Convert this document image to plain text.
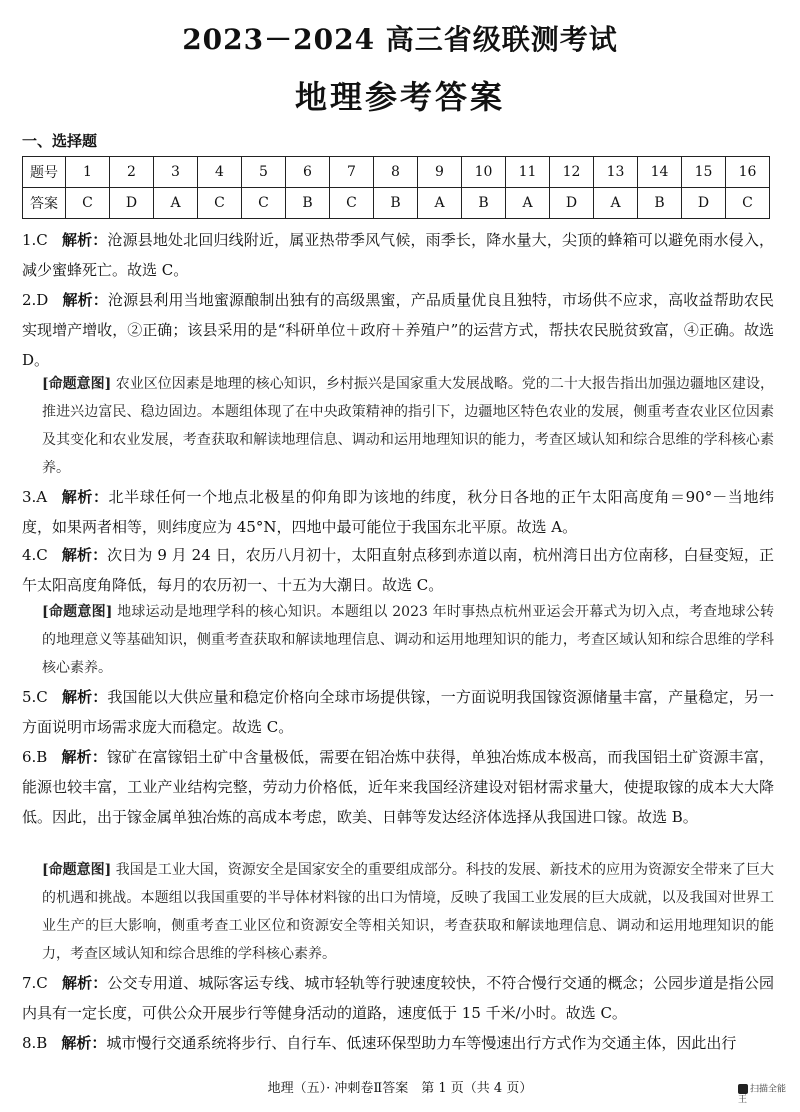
2023－2024 高三省级联测考试
地理参考答案
一、选择题
题号	1	2	3	4	5	6	7	8	9	10	11	12	13	14	15	16
答案	C	D	A	C	C	B	C	B	A	B	A	D	A	B	D	C
1.C 解析：沧源县地处北回归线附近，属亚热带季风气候，雨季长，降水量大，尖顶的蜂箱可以避免雨水侵入，减少蜜蜂死亡。故选 C。
2.D 解析：沧源县利用当地蜜源酿制出独有的高级黑蜜，产品质量优良且独特，市场供不应求，高收益帮助农民实现增产增收，②正确；该县采用的是“科研单位＋政府＋养殖户”的运营方式，帮扶农民脱贫致富，④正确。故选 D。
[命题意图] 农业区位因素是地理的核心知识，乡村振兴是国家重大发展战略。党的二十大报告指出加强边疆地区建设，推进兴边富民、稳边固边。本题组体现了在中央政策精神的指引下，边疆地区特色农业的发展，侧重考查农业区位因素及其变化和农业发展，考查获取和解读地理信息、调动和运用地理知识的能力，考查区域认知和综合思维的学科核心素养。
3.A 解析：北半球任何一个地点北极星的仰角即为该地的纬度，秋分日各地的正午太阳高度角＝90°－当地纬度，如果两者相等，则纬度应为 45°N，四地中最可能位于我国东北平原。故选 A。
4.C 解析：次日为 9 月 24 日，农历八月初十，太阳直射点移到赤道以南，杭州湾日出方位南移，白昼变短，正午太阳高度角降低，每月的农历初一、十五为大潮日。故选 C。
[命题意图] 地球运动是地理学科的核心知识。本题组以 2023 年时事热点杭州亚运会开幕式为切入点，考查地球公转的地理意义等基础知识，侧重考查获取和解读地理信息、调动和运用地理知识的能力，考查区域认知和综合思维的学科核心素养。
5.C 解析：我国能以大供应量和稳定价格向全球市场提供镓，一方面说明我国镓资源储量丰富，产量稳定，另一方面说明市场需求庞大而稳定。故选 C。
6.B 解析：镓矿在富镓铝土矿中含量极低，需要在铝冶炼中获得，单独冶炼成本极高，而我国铝土矿资源丰富，能源也较丰富，工业产业结构完整，劳动力价格低，近年来我国经济建设对铝材需求量大，使提取镓的成本大大降低。因此，出于镓金属单独冶炼的高成本考虑，欧美、日韩等发达经济体选择从我国进口镓。故选 B。
[命题意图] 我国是工业大国，资源安全是国家安全的重要组成部分。科技的发展、新技术的应用为资源安全带来了巨大的机遇和挑战。本题组以我国重要的半导体材料镓的出口为情境，反映了我国工业发展的巨大成就，以及我国对世界工业生产的巨大影响，侧重考查工业区位和资源安全等相关知识，考查获取和解读地理信息、调动和运用地理知识的能力，考查区域认知和综合思维的学科核心素养。
7.C 解析：公交专用道、城际客运专线、城市轻轨等行驶速度较快，不符合慢行交通的概念；公园步道是指公园内具有一定长度，可供公众开展步行等健身活动的道路，速度低于 15 千米/小时。故选 C。
8.B 解析：城市慢行交通系统将步行、自行车、低速环保型助力车等慢速出行方式作为交通主体，因此出行
地理（五）· 冲刺卷Ⅱ答案　第 1 页（共 4 页）	扫描全能王
